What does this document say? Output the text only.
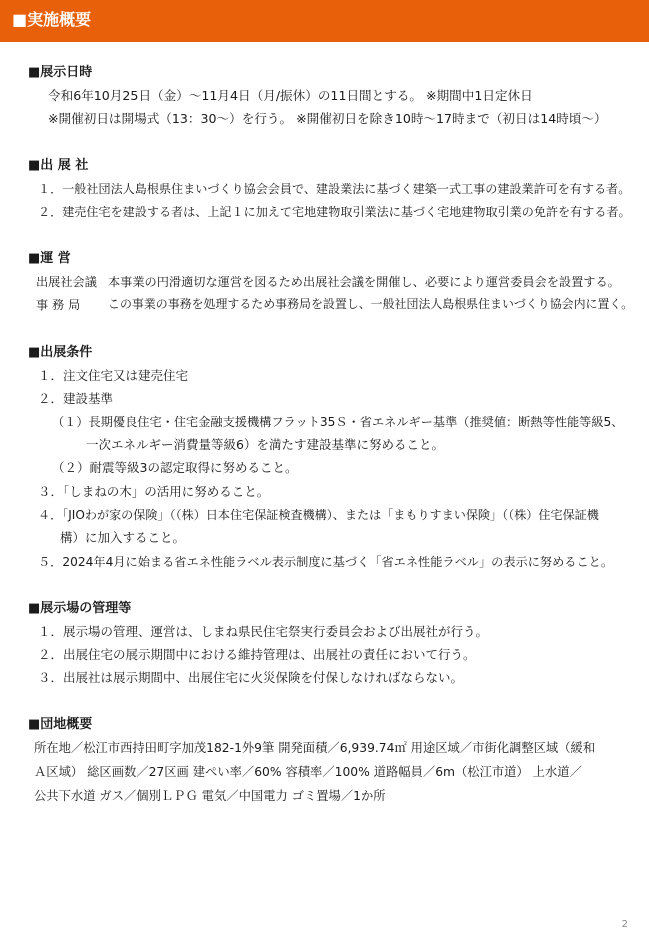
■実施概要
■展示日時
令和6年10月25日（金）～11月4日（月/振休）の11日間とする。 ※期間中1日定休日
※開催初日は開場式（13：30～）を行う。 ※開催初日を除き10時～17時まで（初日は14時頃～）
■出 展 社
１．一般社団法人島根県住まいづくり協会会員で、建設業法に基づく建築一式工事の建設業許可を有する者。
２．建売住宅を建設する者は、上記１に加えて宅地建物取引業法に基づく宅地建物取引業の免許を有する者。
■運 営
出展社会議 本事業の円滑適切な運営を図るため出展社会議を開催し、必要により運営委員会を設置する。
事 務 局 この事業の事務を処理するため事務局を設置し、一般社団法人島根県住まいづくり協会内に置く。
■出展条件
１．注文住宅又は建売住宅
２．建設基準
（１）長期優良住宅・住宅金融支援機構フラット35Ｓ・省エネルギー基準（推奨値：断熱等性能等級5、
一次エネルギー消費量等級6）を満たす建設基準に努めること。
（２）耐震等級3の認定取得に努めること。
３．「しまねの木」の活用に努めること。
４．「JIOわが家の保険」（（株）日本住宅保証検査機構）、または「まもりすまい保険」（（株）住宅保証機
構）に加入すること。
５．2024年4月に始まる省エネ性能ラベル表示制度に基づく「省エネ性能ラベル」の表示に努めること。
■展示場の管理等
１．展示場の管理、運営は、しまね県民住宅祭実行委員会および出展社が行う。
２．出展住宅の展示期間中における維持管理は、出展社の責任において行う。
３．出展社は展示期間中、出展住宅に火災保険を付保しなければならない。
■団地概要
所在地／松江市西持田町字加茂182-1外9筆 開発面積／6,939.74㎡ 用途区域／市街化調整区域（緩和
Ａ区域） 総区画数／27区画 建ぺい率／60% 容積率／100% 道路幅員／6m（松江市道） 上水道／
公共下水道 ガス／個別ＬＰＧ 電気／中国電力 ゴミ置場／1か所
2
